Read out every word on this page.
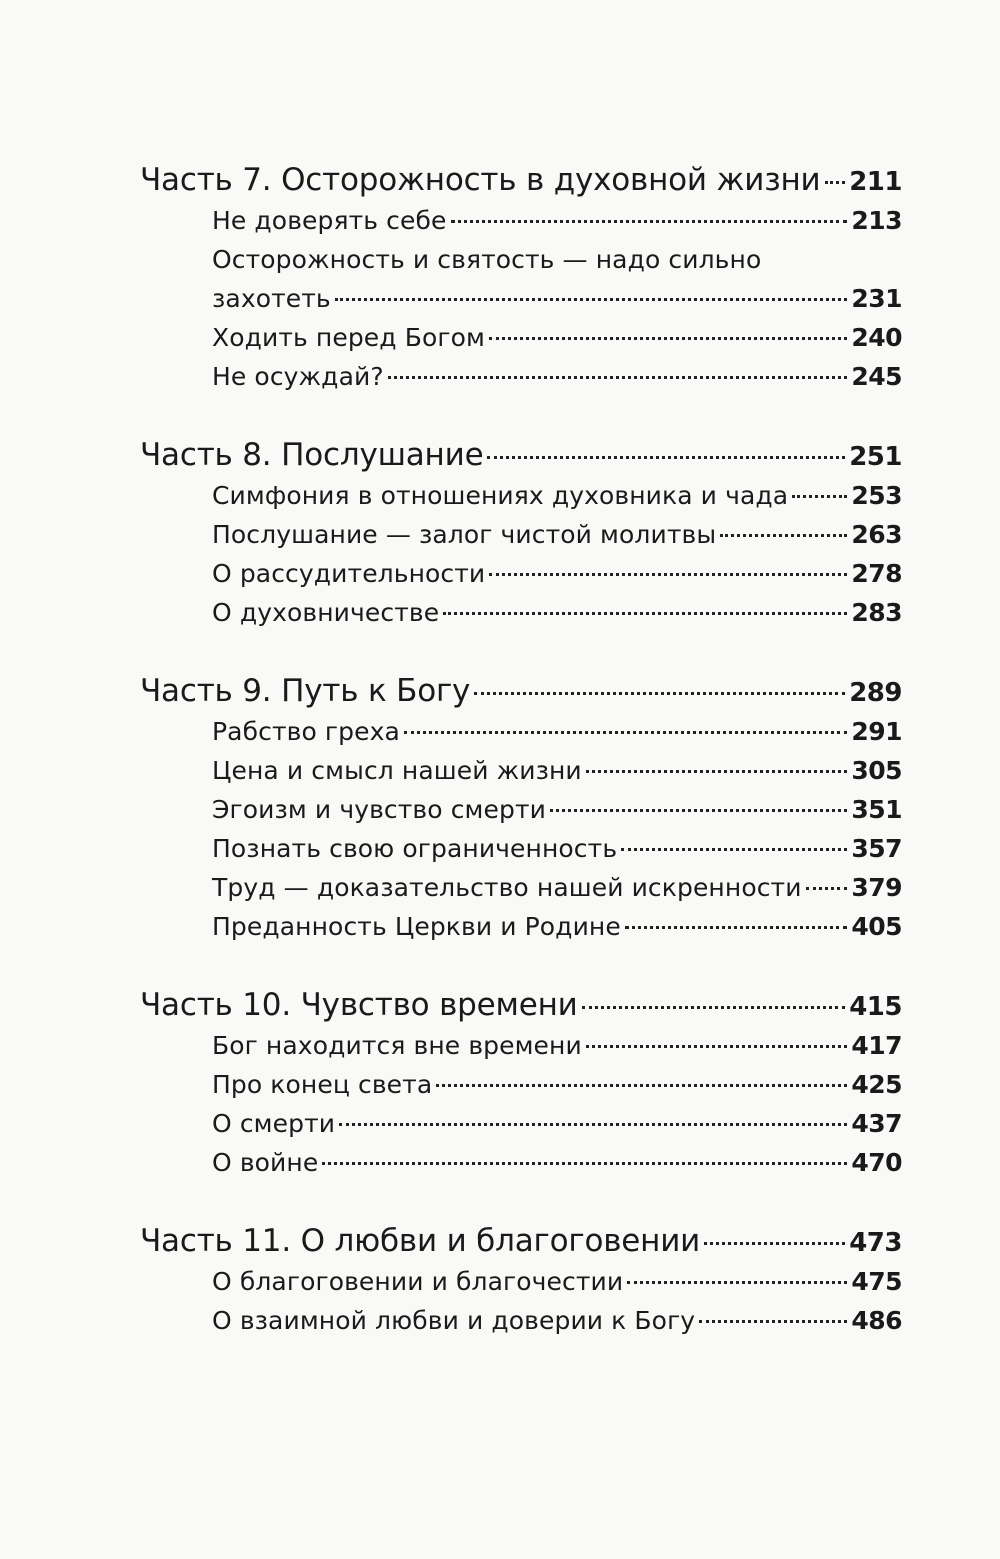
Часть 7. Осторожность в духовной жизни 211
Не доверять себе	213
Осторожность и святость — надо сильно
захотеть	231
Ходить перед Богом	240
Не осуждай?	245
Часть 8. Послушание	251
Симфония в отношениях духовника и чада	253
Послушание — залог чистой молитвы	263
О рассудительности	278
О духовничестве	283
Часть 9. Путь к Богу	289
Рабство греха	291
Цена и смысл нашей жизни	305
Эгоизм и чувство смерти	351
Познать свою ограниченность	357
Труд — доказательство нашей искренности 379
Преданность Церкви и Родине	405
Часть 10. Чувство времени	415
Бог находится вне времени	417
Про конец света	425
О смерти	437
О войне	470
Часть 11. О любви и благоговении	473
О благоговении и благочестии	475
О взаимной любви и доверии к Богу	486
